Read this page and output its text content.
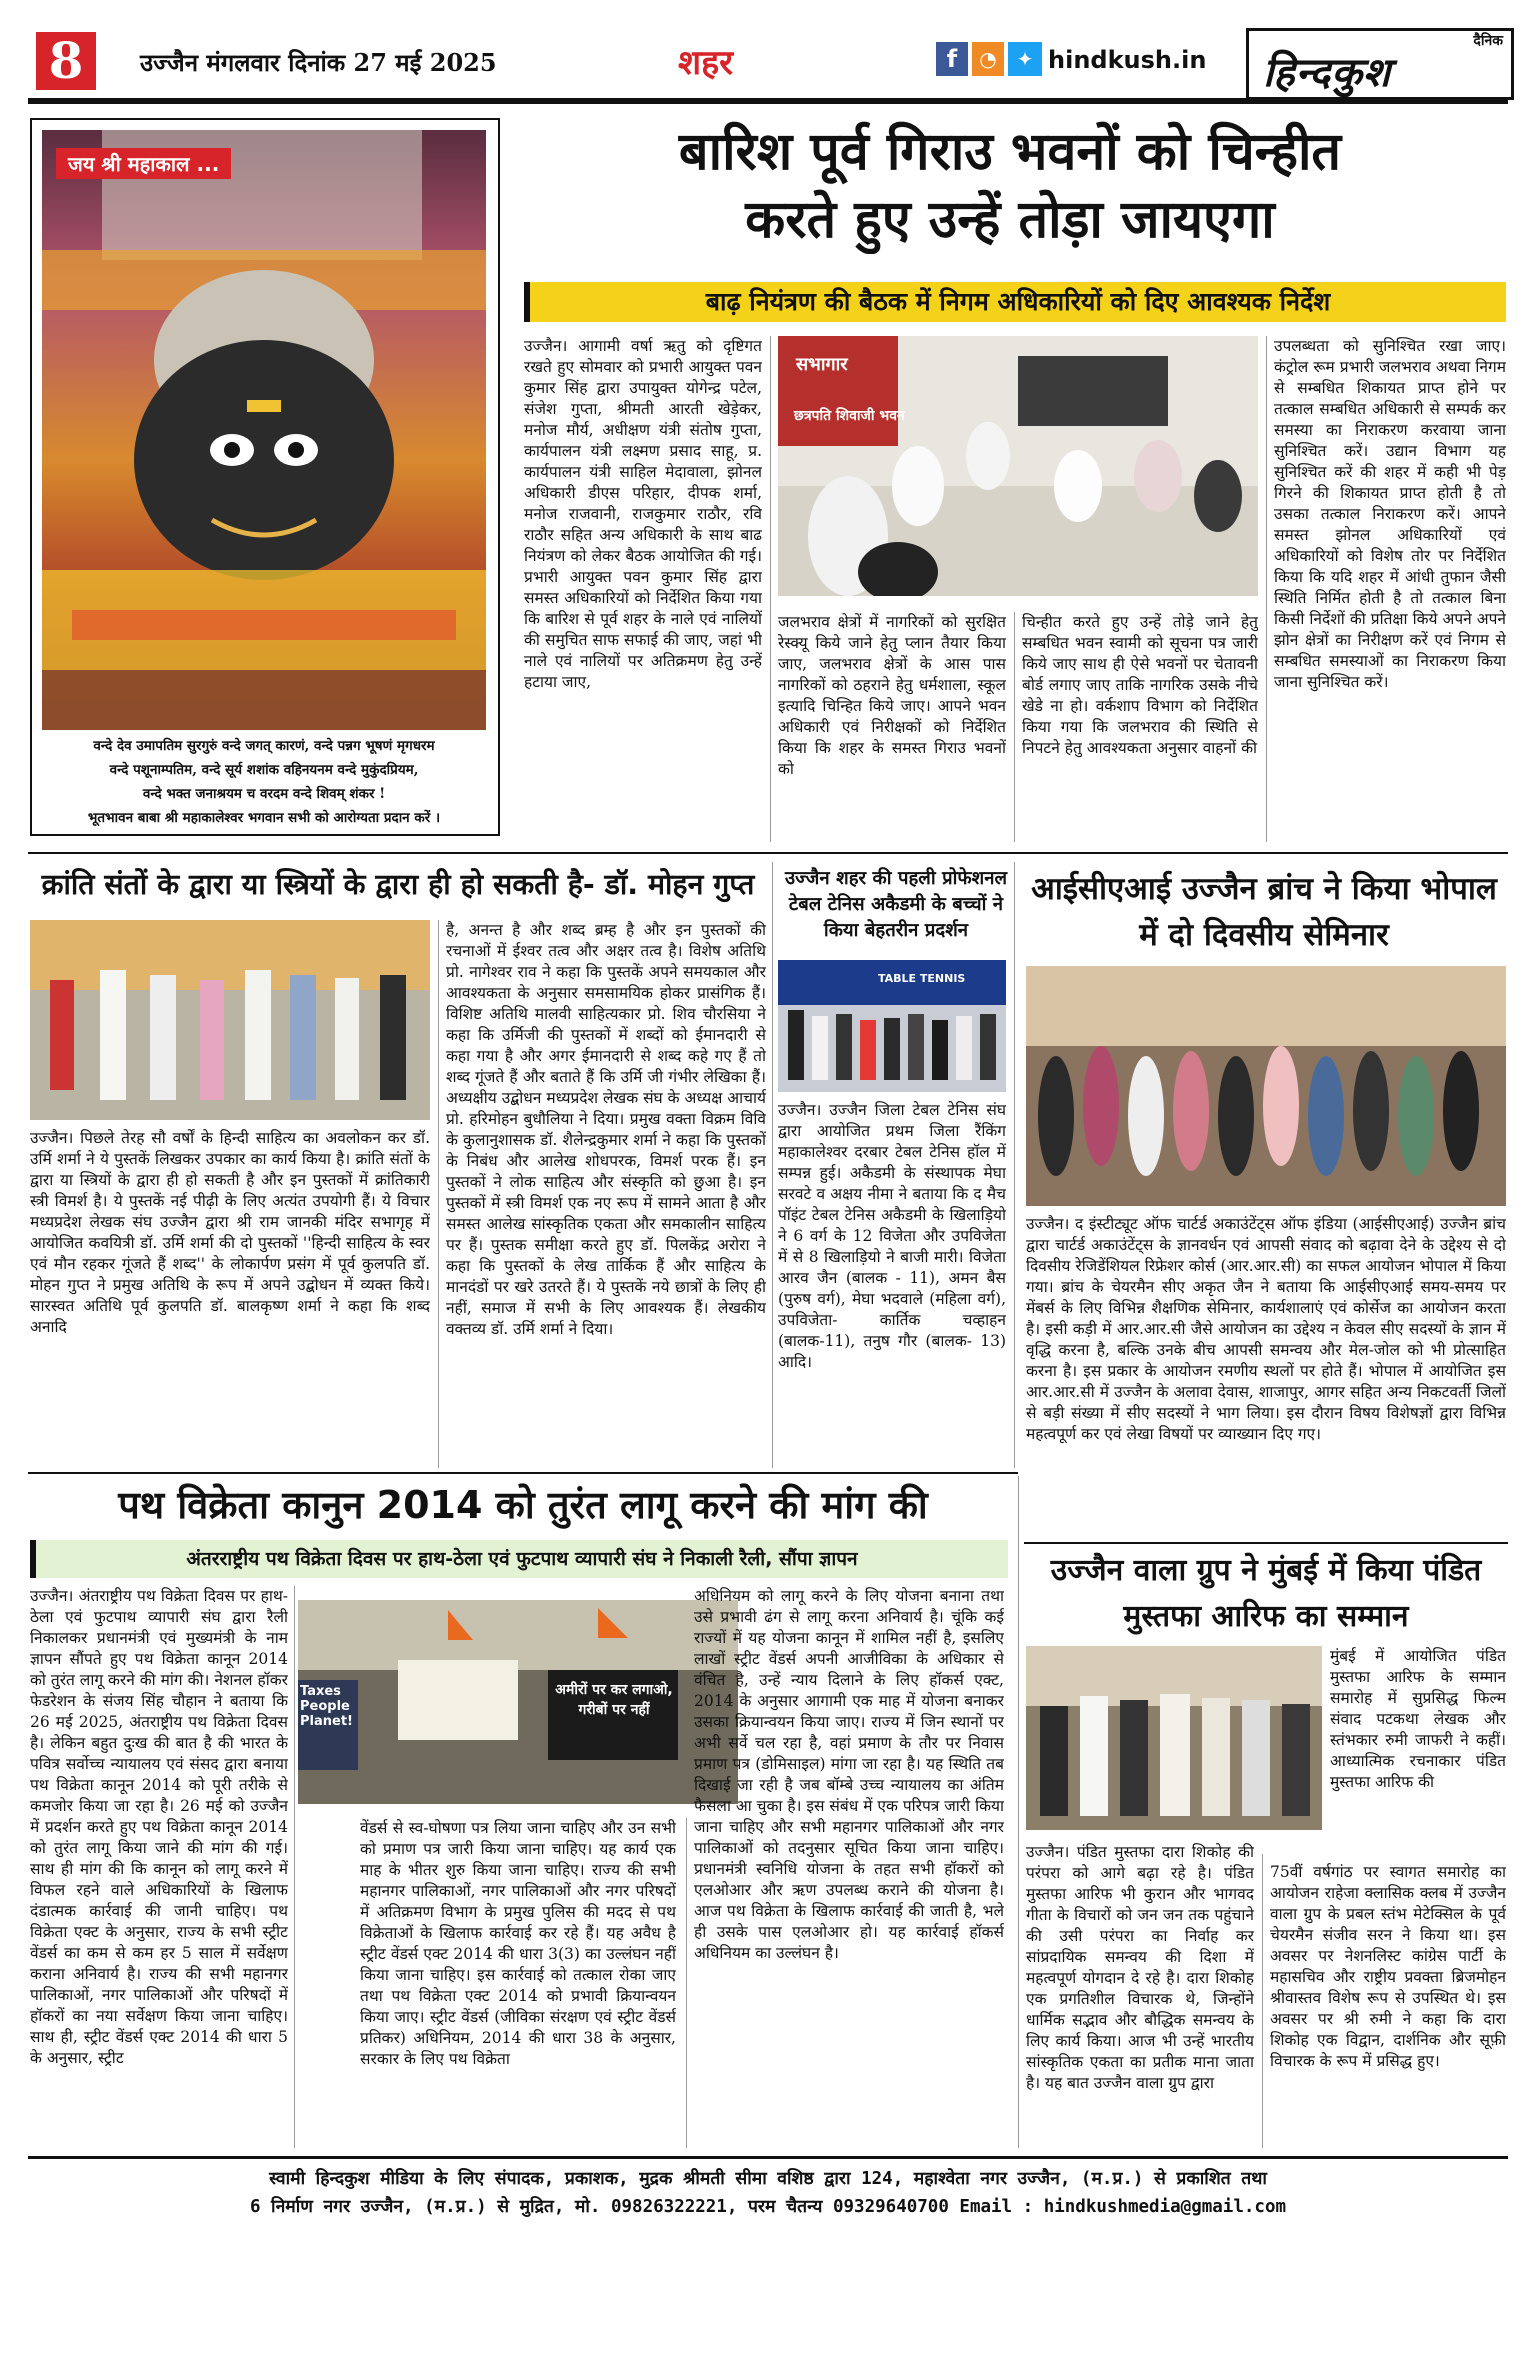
8	उज्जैन मंगलवार दिनांक 27 मई 2025	शहर	f	◔ ✦ hindkush.in
दैनिक
हिन्दकुश
जय श्री महाकाल ...
वन्दे देव उमापतिम सुरगुरुं वन्दे जगत् कारणं, वन्दे पन्नग भूषणं मृगधरम
वन्दे पशूनाम्पतिम, वन्दे सूर्य शशांक वहिनयनम वन्दे मुकुंदप्रियम,
वन्दे भक्त जनाश्रयम च वरदम वन्दे शिवम् शंकर !
भूतभावन बाबा श्री महाकालेश्वर भगवान सभी को आरोग्यता प्रदान करें ।
बारिश पूर्व गिराउ भवनों को चिन्हीत
करते हुए उन्हें तोड़ा जायएगा
बाढ़ नियंत्रण की बैठक में निगम अधिकारियों को दिए आवश्यक निर्देश
उज्जैन। आगामी वर्षा ऋतु को दृष्टिगत रखते हुए सोमवार को प्रभारी आयुक्त पवन कुमार सिंह द्वारा उपायुक्त योगेन्द्र पटेल, संजेश गुप्ता, श्रीमती आरती खेड़ेकर, मनोज मौर्य, अधीक्षण यंत्री संतोष गुप्ता, कार्यपालन यंत्री लक्ष्मण प्रसाद साहू, प्र. कार्यपालन यंत्री साहिल मेदावाला, झोनल अधिकारी डीएस परिहार, दीपक शर्मा, मनोज राजवानी, राजकुमार राठौर, रवि राठौर सहित अन्य अधिकारी के साथ बाढ नियंत्रण को लेकर बैठक आयोजित की गई। प्रभारी आयुक्त पवन कुमार सिंह द्वारा समस्त अधिकारियों को निर्देशित किया गया कि बारिश से पूर्व शहर के नाले एवं नालियों की समुचित साफ सफाई की जाए, जहां भी नाले एवं नालियों पर अतिक्रमण हेतु उन्हें हटाया जाए,
सभागार
छत्रपति शिवाजी भवन
जलभराव क्षेत्रों में नागरिकों को सुरक्षित रेस्क्यू किये जाने हेतु प्लान तैयार किया जाए, जलभराव क्षेत्रों के आस पास नागरिकों को ठहराने हेतु धर्मशाला, स्कूल इत्यादि चिन्हित किये जाए। आपने भवन अधिकारी एवं निरीक्षकों को निर्देशित किया कि शहर के समस्त गिराउ भवनों को
चिन्हीत करते हुए उन्हें तोड़े जाने हेतु सम्बधित भवन स्वामी को सूचना पत्र जारी किये जाए साथ ही ऐसे भवनों पर चेतावनी बोर्ड लगाए जाए ताकि नागरिक उसके नीचे खेडे ना हो। वर्कशाप विभाग को निर्देशित किया गया कि जलभराव की स्थिति से निपटने हेतु आवश्यकता अनुसार वाहनों की
उपलब्धता को सुनिश्चित रखा जाए। कंट्रोल रूम प्रभारी जलभराव अथवा निगम से सम्बधित शिकायत प्राप्त होने पर तत्काल सम्बधित अधिकारी से सम्पर्क कर समस्या का निराकरण करवाया जाना सुनिश्चित करें। उद्यान विभाग यह सुनिश्चित करें की शहर में कही भी पेड़ गिरने की शिकायत प्राप्त होती है तो उसका तत्काल निराकरण करें। आपने समस्त झोनल अधिकारियों एवं अधिकारियों को विशेष तोर पर निर्देशित किया कि यदि शहर में आंधी तुफान जैसी स्थिति निर्मित होती है तो तत्काल बिना किसी निर्देशों की प्रतिक्षा किये अपने अपने झोन क्षेत्रों का निरीक्षण करें एवं निगम से सम्बधित समस्याओं का निराकरण किया जाना सुनिश्चित करें।
क्रांति संतों के द्वारा या स्त्रियों के द्वारा ही हो सकती है- डॉ. मोहन गुप्त
उज्जैन। पिछले तेरह सौ वर्षों के हिन्दी साहित्य का अवलोकन कर डॉ. उर्मि शर्मा ने ये पुस्तकें लिखकर उपकार का कार्य किया है। क्रांति संतों के द्वारा या स्त्रियों के द्वारा ही हो सकती है और इन पुस्तकों में क्रांतिकारी स्त्री विमर्श है। ये पुस्तकें नई पीढ़ी के लिए अत्यंत उपयोगी हैं। ये विचार मध्यप्रदेश लेखक संघ उज्जैन द्वारा श्री राम जानकी मंदिर सभागृह में आयोजित कवयित्री डॉ. उर्मि शर्मा की दो पुस्तकों ''हिन्दी साहित्य के स्वर एवं मौन रहकर गूंजते हैं शब्द'' के लोकार्पण प्रसंग में पूर्व कुलपति डॉ. मोहन गुप्त ने प्रमुख अतिथि के रूप में अपने उद्बोधन में व्यक्त किये। सारस्वत अतिथि पूर्व कुलपति डॉ. बालकृष्ण शर्मा ने कहा कि शब्द अनादि
है, अनन्त है और शब्द ब्रम्ह है और इन पुस्तकों की रचनाओं में ईश्वर तत्व और अक्षर तत्व है। विशेष अतिथि प्रो. नागेश्वर राव ने कहा कि पुस्तकें अपने समयकाल और आवश्यकता के अनुसार समसामयिक होकर प्रासंगिक हैं। विशिष्ट अतिथि मालवी साहित्यकार प्रो. शिव चौरसिया ने कहा कि उर्मिजी की पुस्तकों में शब्दों को ईमानदारी से कहा गया है और अगर ईमानदारी से शब्द कहे गए हैं तो शब्द गूंजते हैं और बताते हैं कि उर्मि जी गंभीर लेखिका हैं। अध्यक्षीय उद्बोधन मध्यप्रदेश लेखक संघ के अध्यक्ष आचार्य प्रो. हरिमोहन बुधौलिया ने दिया। प्रमुख वक्ता विक्रम विवि के कुलानुशासक डॉ. शैलेन्द्रकुमार शर्मा ने कहा कि पुस्तकों के निबंध और आलेख शोधपरक, विमर्श परक हैं। इन पुस्तकों ने लोक साहित्य और संस्कृति को छुआ है। इन पुस्तकों में स्त्री विमर्श एक नए रूप में सामने आता है और समस्त आलेख सांस्कृतिक एकता और समकालीन साहित्य पर हैं। पुस्तक समीक्षा करते हुए डॉ. पिलकेंद्र अरोरा ने कहा कि पुस्तकों के लेख तार्किक हैं और साहित्य के मानदंडों पर खरे उतरते हैं। ये पुस्तकें नये छात्रों के लिए ही नहीं, समाज में सभी के लिए आवश्यक हैं। लेखकीय वक्तव्य डॉ. उर्मि शर्मा ने दिया।
उज्जैन शहर की पहली प्रोफेशनल टेबल टेनिस अकैडमी के बच्चों ने किया बेहतरीन प्रदर्शन
TABLE TENNIS
उज्जैन। उज्जैन जिला टेबल टेनिस संघ द्वारा आयोजित प्रथम जिला रैंकिंग महाकालेश्वर दरबार टेबल टेनिस हॉल में सम्पन्न हुई। अकैडमी के संस्थापक मेघा सरवटे व अक्षय नीमा ने बताया कि द मैच पॉइंट टेबल टेनिस अकैडमी के खिलाड़ियो ने 6 वर्ग के 12 विजेता और उपविजेता में से 8 खिलाड़ियो ने बाजी मारी। विजेता आरव जैन (बालक - 11), अमन बैस (पुरुष वर्ग), मेघा भदवाले (महिला वर्ग), उपविजेता- कार्तिक चव्हाहन (बालक-11), तनुष गौर (बालक- 13) आदि।
आईसीएआई उज्जैन ब्रांच ने किया भोपाल में दो दिवसीय सेमिनार
उज्जैन। द इंस्टीट्यूट ऑफ चार्टर्ड अकाउंटेंट्स ऑफ इंडिया (आईसीएआई) उज्जैन ब्रांच द्वारा चार्टर्ड अकाउंटेंट्स के ज्ञानवर्धन एवं आपसी संवाद को बढ़ावा देने के उद्देश्य से दो दिवसीय रेजिडेंशियल रिफ्रेशर कोर्स (आर.आर.सी) का सफल आयोजन भोपाल में किया गया। ब्रांच के चेयरमैन सीए अकृत जैन ने बताया कि आईसीएआई समय-समय पर मेंबर्स के लिए विभिन्न शैक्षणिक सेमिनार, कार्यशालाएं एवं कोर्सेज का आयोजन करता है। इसी कड़ी में आर.आर.सी जैसे आयोजन का उद्देश्य न केवल सीए सदस्यों के ज्ञान में वृद्धि करना है, बल्कि उनके बीच आपसी समन्वय और मेल-जोल को भी प्रोत्साहित करना है। इस प्रकार के आयोजन रमणीय स्थलों पर होते हैं। भोपाल में आयोजित इस आर.आर.सी में उज्जैन के अलावा देवास, शाजापुर, आगर सहित अन्य निकटवर्ती जिलों से बड़ी संख्या में सीए सदस्यों ने भाग लिया। इस दौरान विषय विशेषज्ञों द्वारा विभिन्न महत्वपूर्ण कर एवं लेखा विषयों पर व्याख्यान दिए गए।
पथ विक्रेता कानुन 2014 को तुरंत लागू करने की मांग की
अंतरराष्ट्रीय पथ विक्रेता दिवस पर हाथ-ठेला एवं फुटपाथ व्यापारी संघ ने निकाली रैली, सौंपा ज्ञापन
उज्जैन। अंतराष्ट्रीय पथ विक्रेता दिवस पर हाथ-ठेला एवं फुटपाथ व्यापारी संघ द्वारा रैली निकालकर प्रधानमंत्री एवं मुख्यमंत्री के नाम ज्ञापन सौंपते हुए पथ विक्रेता कानून 2014 को तुरंत लागू करने की मांग की। नेशनल हॉकर फेडरेशन के संजय सिंह चौहान ने बताया कि 26 मई 2025, अंतराष्ट्रीय पथ विक्रेता दिवस है। लेकिन बहुत दुःख की बात है की भारत के पवित्र सर्वोच्च न्यायालय एवं संसद द्वारा बनाया पथ विक्रेता कानून 2014 को पूरी तरीके से कमजोर किया जा रहा है। 26 मई को उज्जैन में प्रदर्शन करते हुए पथ विक्रेता कानून 2014 को तुरंत लागू किया जाने की मांग की गई। साथ ही मांग की कि कानून को लागू करने में विफल रहने वाले अधिकारियों के खिलाफ दंडात्मक कार्रवाई की जानी चाहिए। पथ विक्रेता एक्ट के अनुसार, राज्य के सभी स्ट्रीट वेंडर्स का कम से कम हर 5 साल में सर्वेक्षण कराना अनिवार्य है। राज्य की सभी महानगर पालिकाओं, नगर पालिकाओं और परिषदों में हॉकरों का नया सर्वेक्षण किया जाना चाहिए। साथ ही, स्ट्रीट वेंडर्स एक्ट 2014 की धारा 5 के अनुसार, स्ट्रीट
Taxes People Planet!
अमीरों पर कर लगाओ, गरीबों पर नहीं
वेंडर्स से स्व-घोषणा पत्र लिया जाना चाहिए और उन सभी को प्रमाण पत्र जारी किया जाना चाहिए। यह कार्य एक माह के भीतर शुरु किया जाना चाहिए। राज्य की सभी महानगर पालिकाओं, नगर पालिकाओं और नगर परिषदों में अतिक्रमण विभाग के प्रमुख पुलिस की मदद से पथ विक्रेताओं के खिलाफ कार्रवाई कर रहे हैं। यह अवैध है स्ट्रीट वेंडर्स एक्ट 2014 की धारा 3(3) का उल्लंघन नहीं किया जाना चाहिए। इस कार्रवाई को तत्काल रोका जाए तथा पथ विक्रेता एक्ट 2014 को प्रभावी क्रियान्वयन किया जाए। स्ट्रीट वेंडर्स (जीविका संरक्षण एवं स्ट्रीट वेंडर्स प्रतिकर) अधिनियम, 2014 की धारा 38 के अनुसार, सरकार के लिए पथ विक्रेता
अधिनियम को लागू करने के लिए योजना बनाना तथा उसे प्रभावी ढंग से लागू करना अनिवार्य है। चूंकि कई राज्यों में यह योजना कानून में शामिल नहीं है, इसलिए लाखों स्ट्रीट वेंडर्स अपनी आजीविका के अधिकार से वंचित है, उन्हें न्याय दिलाने के लिए हॉकर्स एक्ट, 2014 के अनुसार आगामी एक माह में योजना बनाकर उसका क्रियान्वयन किया जाए। राज्य में जिन स्थानों पर अभी सर्वे चल रहा है, वहां प्रमाण के तौर पर निवास प्रमाण पत्र (डोमिसाइल) मांगा जा रहा है। यह स्थिति तब दिखाई जा रही है जब बॉम्बे उच्च न्यायालय का अंतिम फैसला आ चुका है। इस संबंध में एक परिपत्र जारी किया जाना चाहिए और सभी महानगर पालिकाओं और नगर पालिकाओं को तदनुसार सूचित किया जाना चाहिए। प्रधानमंत्री स्वनिधि योजना के तहत सभी हॉकरों को एलओआर और ऋण उपलब्ध कराने की योजना है। आज पथ विक्रेता के खिलाफ कार्रवाई की जाती है, भले ही उसके पास एलओआर हो। यह कार्रवाई हॉकर्स अधिनियम का उल्लंघन है।
उज्जैन वाला ग्रुप ने मुंबई में किया पंडित मुस्तफा आरिफ का सम्मान
मुंबई में आयोजित पंडित मुस्तफा आरिफ के सम्मान समारोह में सुप्रसिद्ध फिल्म संवाद पटकथा लेखक और स्तंभकार रुमी जाफरी ने कहीं। आध्यात्मिक रचनाकार पंडित मुस्तफा आरिफ की
उज्जैन। पंडित मुस्तफा दारा शिकोह की परंपरा को आगे बढ़ा रहे है। पंडित मुस्तफा आरिफ भी कुरान और भागवद गीता के विचारों को जन जन तक पहुंचाने की उसी परंपरा का निर्वाह कर सांप्रदायिक समन्वय की दिशा में महत्वपूर्ण योगदान दे रहे है। दारा शिकोह एक प्रगतिशील विचारक थे, जिन्होंने धार्मिक सद्भाव और बौद्धिक समन्वय के लिए कार्य किया। आज भी उन्हें भारतीय सांस्कृतिक एकता का प्रतीक माना जाता है। यह बात उज्जैन वाला ग्रुप द्वारा
75वीं वर्षगांठ पर स्वागत समारोह का आयोजन राहेजा क्लासिक क्लब में उज्जैन वाला ग्रुप के प्रबल स्तंभ मेटेक्सिल के पूर्व चेयरमैन संजीव सरन ने किया था। इस अवसर पर नेशनलिस्ट कांग्रेस पार्टी के महासचिव और राष्ट्रीय प्रवक्ता ब्रिजमोहन श्रीवास्तव विशेष रूप से उपस्थित थे। इस अवसर पर श्री रुमी ने कहा कि दारा शिकोह एक विद्वान, दार्शनिक और सूफ़ी विचारक के रूप में प्रसिद्ध हुए।
स्वामी हिन्दकुश मीडिया के लिए संपादक, प्रकाशक, मुद्रक श्रीमती सीमा वशिष्ठ द्वारा 124, महाश्वेता नगर उज्जैन, (म.प्र.) से प्रकाशित तथा
6 निर्माण नगर उज्जैन, (म.प्र.) से मुद्रित, मो. 09826322221, परम चैतन्य 09329640700 Email : hindkushmedia@gmail.com
